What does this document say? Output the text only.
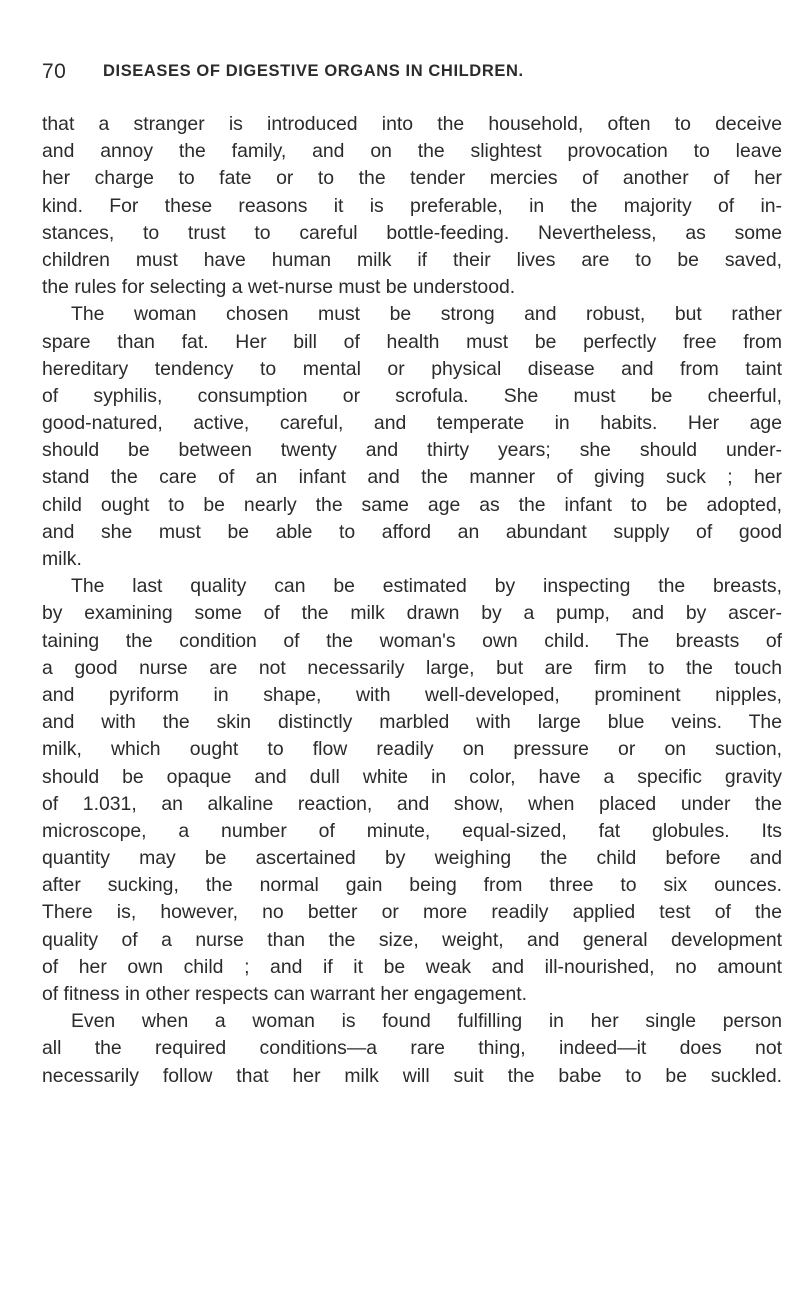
70 DISEASES OF DIGESTIVE ORGANS IN CHILDREN.
that a stranger is introduced into the household, often to deceive
and annoy the family, and on the slightest provocation to leave
her charge to fate or to the tender mercies of another of her
kind. For these reasons it is preferable, in the majority of in-
stances, to trust to careful bottle-feeding. Nevertheless, as some
children must have human milk if their lives are to be saved,
the rules for selecting a wet-nurse must be understood.
The woman chosen must be strong and robust, but rather
spare than fat. Her bill of health must be perfectly free from
hereditary tendency to mental or physical disease and from taint
of syphilis, consumption or scrofula. She must be cheerful,
good-natured, active, careful, and temperate in habits. Her age
should be between twenty and thirty years; she should under-
stand the care of an infant and the manner of giving suck ; her
child ought to be nearly the same age as the infant to be adopted,
and she must be able to afford an abundant supply of good
milk.
The last quality can be estimated by inspecting the breasts,
by examining some of the milk drawn by a pump, and by ascer-
taining the condition of the woman's own child. The breasts of
a good nurse are not necessarily large, but are firm to the touch
and pyriform in shape, with well-developed, prominent nipples,
and with the skin distinctly marbled with large blue veins. The
milk, which ought to flow readily on pressure or on suction,
should be opaque and dull white in color, have a specific gravity
of 1.031, an alkaline reaction, and show, when placed under the
microscope, a number of minute, equal-sized, fat globules. Its
quantity may be ascertained by weighing the child before and
after sucking, the normal gain being from three to six ounces.
There is, however, no better or more readily applied test of the
quality of a nurse than the size, weight, and general development
of her own child ; and if it be weak and ill-nourished, no amount
of fitness in other respects can warrant her engagement.
Even when a woman is found fulfilling in her single person
all the required conditions—a rare thing, indeed—it does not
necessarily follow that her milk will suit the babe to be suckled.
